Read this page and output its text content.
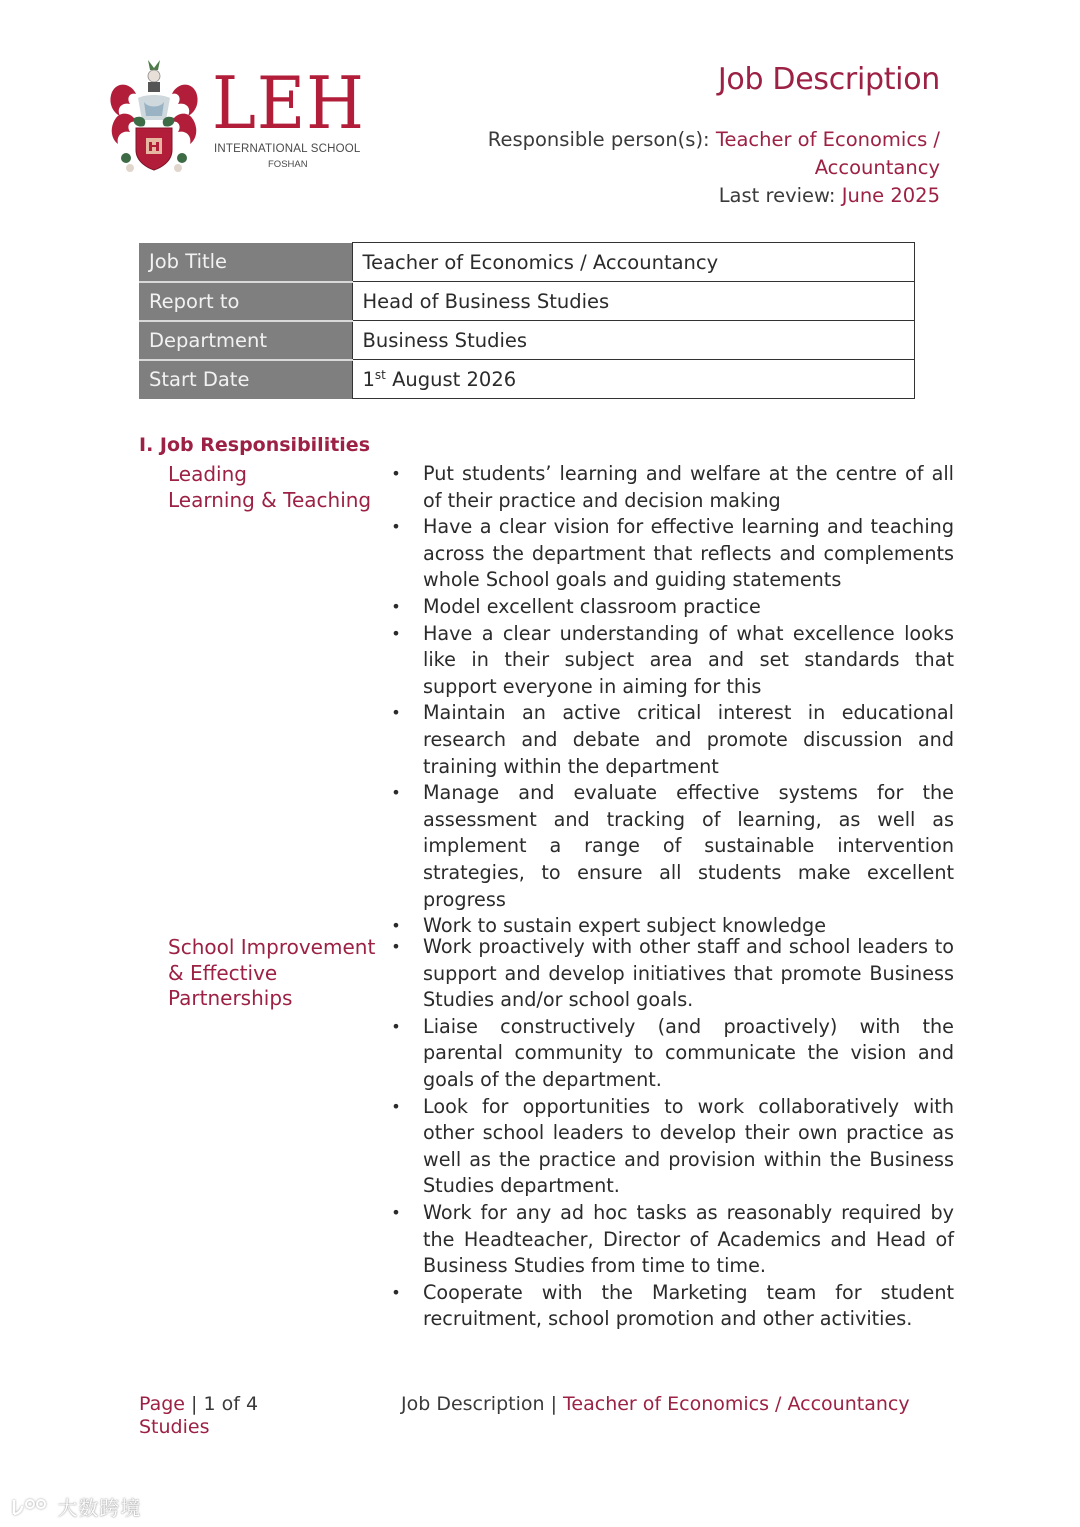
LEH
INTERNATIONAL SCHOOL
FOSHAN
Job Description
Responsible person(s): Teacher of Economics /
Accountancy
Last review: June 2025
Job Title	Teacher of Economics / Accountancy
Report to	Head of Business Studies
Department	Business Studies
Start Date	1st August 2026
I. Job Responsibilities
Leading
Learning & Teaching
• Put students’ learning and welfare at the centre of all of their practice and decision making
• Have a clear vision for effective learning and teaching across the department that reflects and complements whole School goals and guiding statements
• Model excellent classroom practice
• Have a clear understanding of what excellence looks like in their subject area and set standards that support everyone in aiming for this
• Maintain an active critical interest in educational research and debate and promote discussion and training within the department
• Manage and evaluate effective systems for the assessment and tracking of learning, as well as implement a range of sustainable intervention strategies, to ensure all students make excellent progress
• Work to sustain expert subject knowledge
School Improvement
& Effective
Partnerships
• Work proactively with other staff and school leaders to support and develop initiatives that promote Business Studies and/or school goals.
• Liaise constructively (and proactively) with the parental community to communicate the vision and goals of the department.
• Look for opportunities to work collaboratively with other school leaders to develop their own practice as well as the practice and provision within the Business Studies department.
• Work for any ad hoc tasks as reasonably required by the Headteacher, Director of Academics and Head of Business Studies from time to time.
• Cooperate with the Marketing team for student recruitment, school promotion and other activities.
Page | 1 of 4
Studies
Job Description | Teacher of Economics / Accountancy
大数跨境
